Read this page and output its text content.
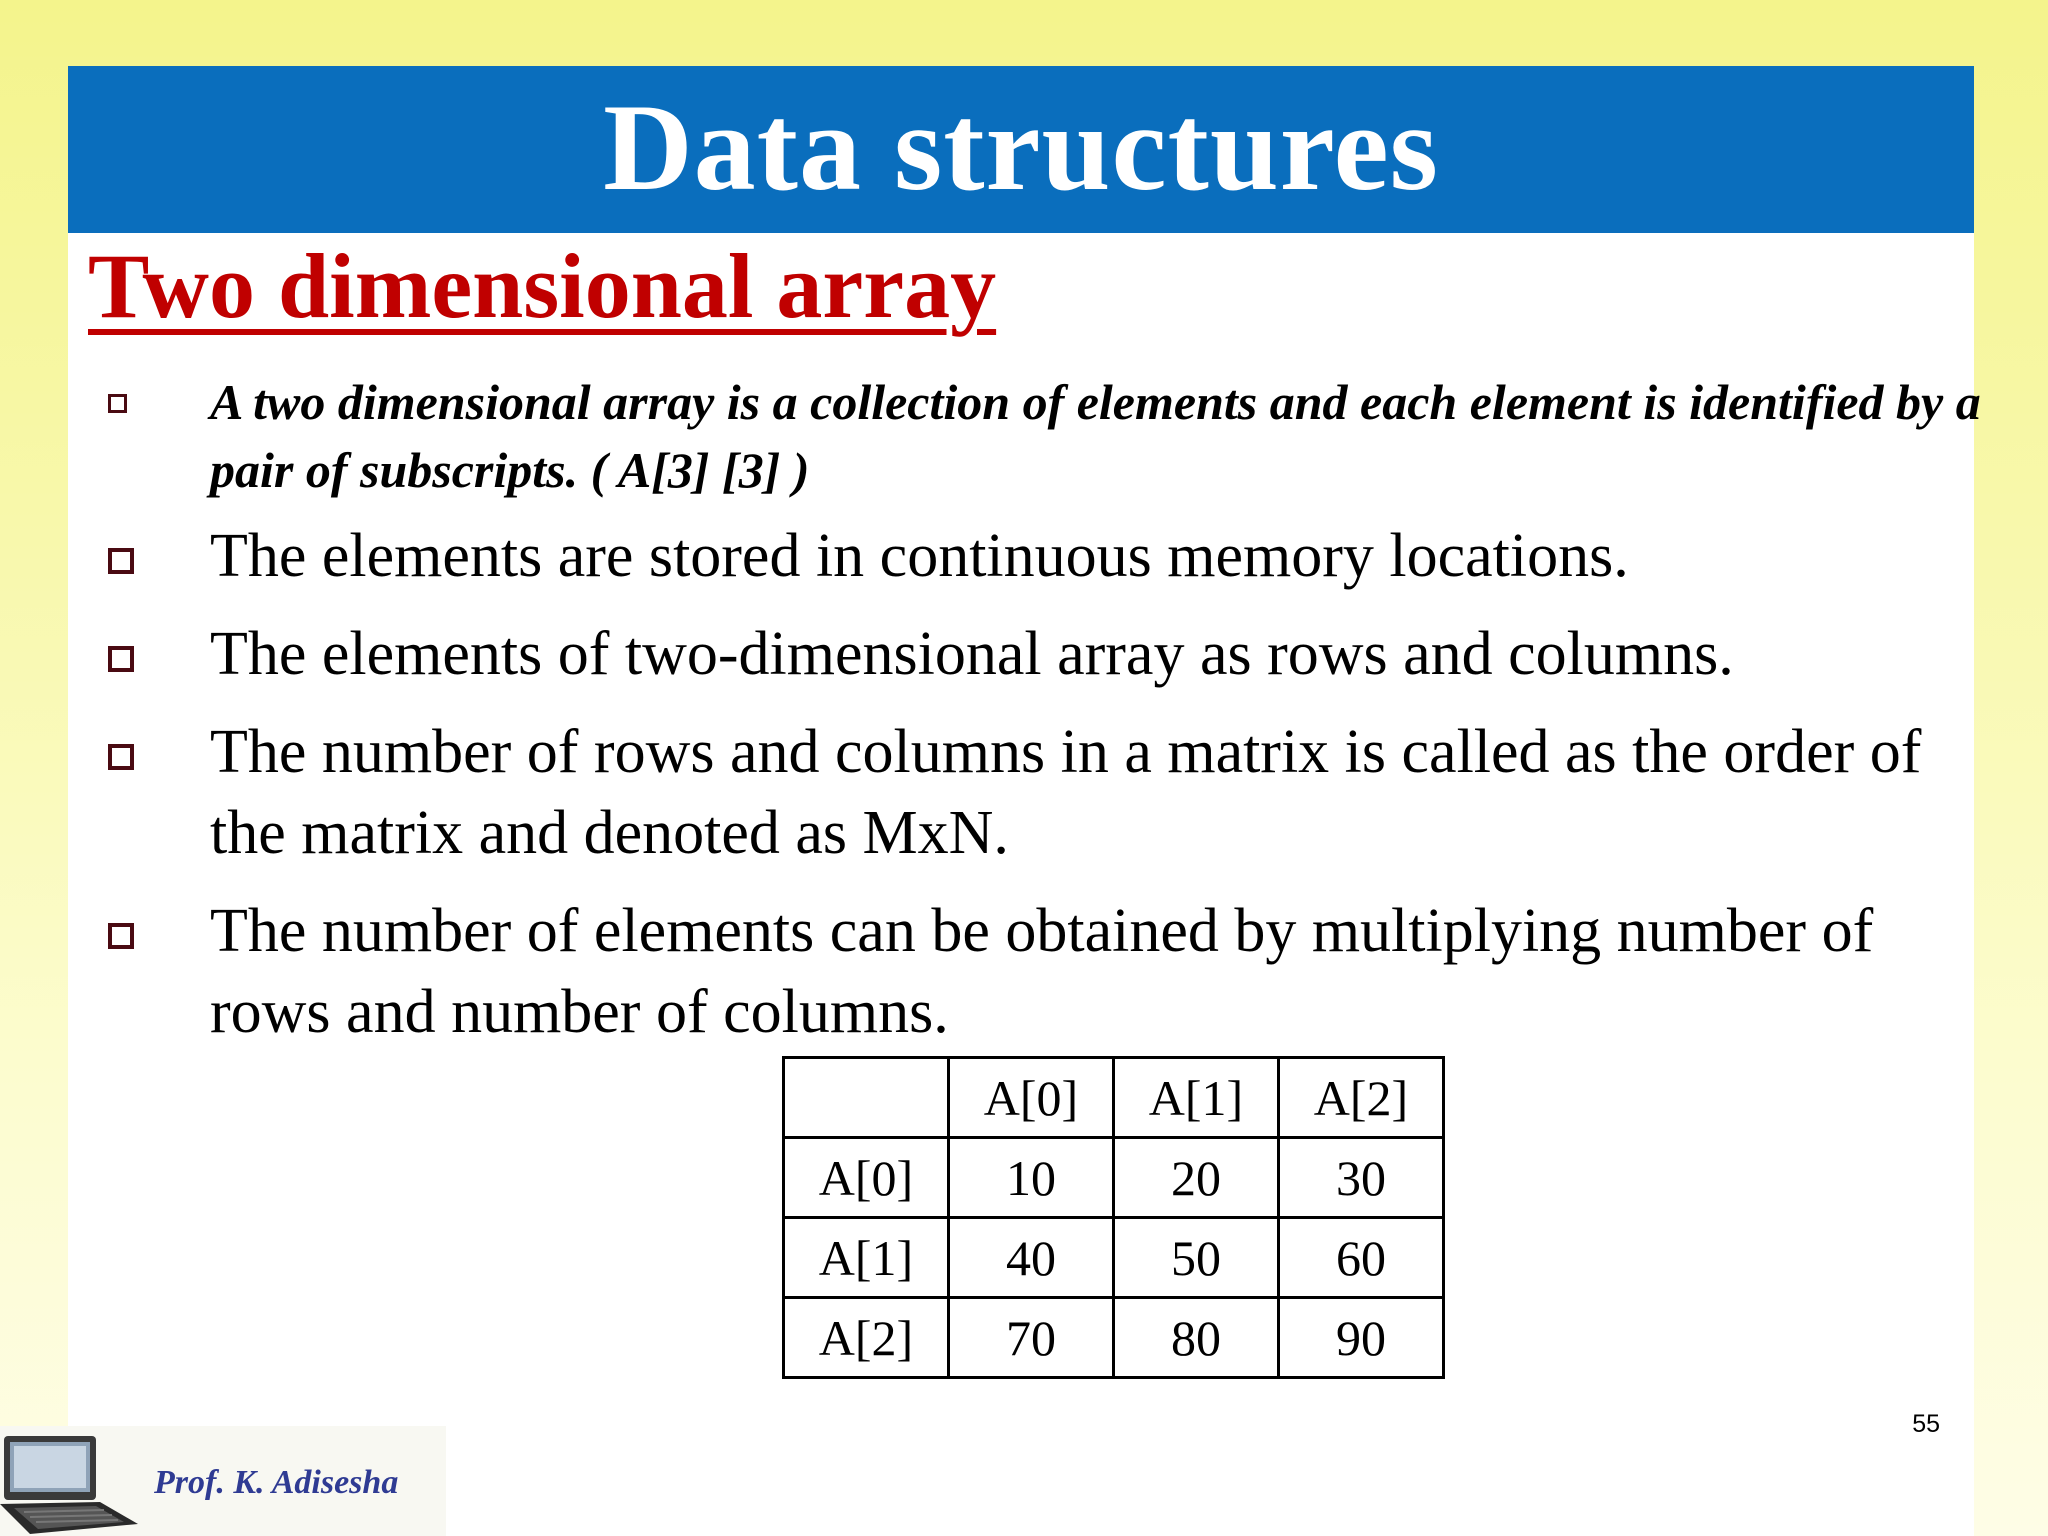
Data structures
Two dimensional array
A two dimensional array is a collection of elements and each element is identified by a pair of subscripts. ( A[3] [3] )
The elements are stored in continuous memory locations.
The elements of two-dimensional array as rows and columns.
The number of rows and columns in a matrix is called as the order of the matrix and denoted as MxN.
The number of elements can be obtained by multiplying number of rows and number of columns.
	A[0]	A[1]	A[2]
A[0]	10	20	30
A[1]	40	50	60
A[2]	70	80	90
55
Prof. K. Adisesha
